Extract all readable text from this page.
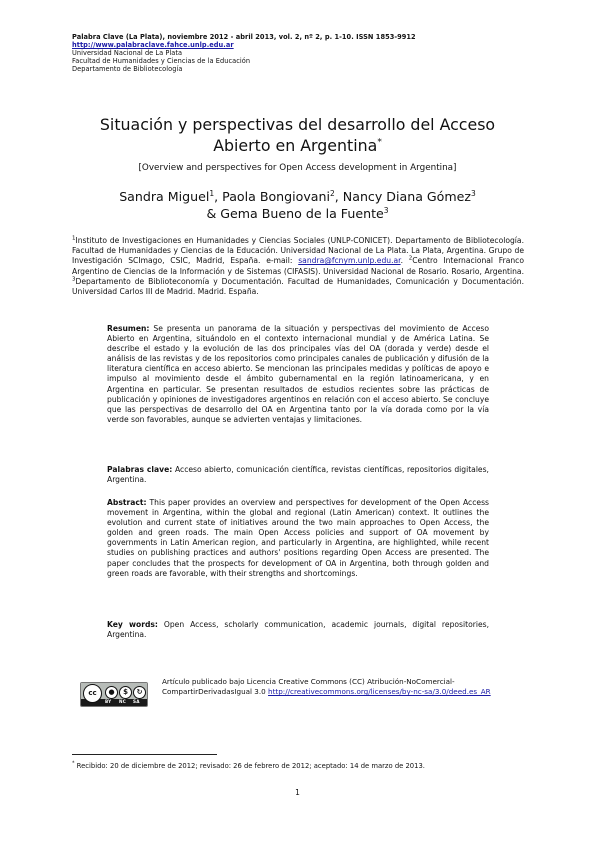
Palabra Clave (La Plata), noviembre 2012 - abril 2013, vol. 2, nº 2, p. 1-10. ISSN 1853-9912
http://www.palabraclave.fahce.unlp.edu.ar
Universidad Nacional de La Plata
Facultad de Humanidades y Ciencias de la Educación
Departamento de Bibliotecología
Situación y perspectivas del desarrollo del Acceso
Abierto en Argentina*
[Overview and perspectives for Open Access development in Argentina]
Sandra Miguel$^1$, Paola Bongiovani$^2$, Nancy Diana Gómez$^3$
& Gema Bueno de la Fuente$^3$
$^1$Instituto de Investigaciones en Humanidades y Ciencias Sociales (UNLP-CONICET). Departamento de Bibliotecología. Facultad de Humanidades y Ciencias de la Educación. Universidad Nacional de La Plata. La Plata, Argentina. Grupo de Investigación SCImago, CSIC, Madrid, España. e-mail: sandra@fcnym.unlp.edu.ar. $^2$Centro Internacional Franco Argentino de Ciencias de la Información y de Sistemas (CIFASIS). Universidad Nacional de Rosario. Rosario, Argentina. $^3$Departamento de Biblioteconomía y Documentación. Facultad de Humanidades, Comunicación y Documentación. Universidad Carlos III de Madrid. Madrid. España.
Resumen: Se presenta un panorama de la situación y perspectivas del movimiento de Acceso Abierto en Argentina, situándolo en el contexto internacional mundial y de América Latina. Se describe el estado y la evolución de las dos principales vías del OA (dorada y verde) desde el análisis de las revistas y de los repositorios como principales canales de publicación y difusión de la literatura científica en acceso abierto. Se mencionan las principales medidas y políticas de apoyo e impulso al movimiento desde el ámbito gubernamental en la región latinoamericana, y en Argentina en particular. Se presentan resultados de estudios recientes sobre las prácticas de publicación y opiniones de investigadores argentinos en relación con el acceso abierto. Se concluye que las perspectivas de desarrollo del OA en Argentina tanto por la vía dorada como por la vía verde son favorables, aunque se advierten ventajas y limitaciones.
Palabras clave: Acceso abierto, comunicación científica, revistas científicas, repositorios digitales, Argentina.
Abstract: This paper provides an overview and perspectives for development of the Open Access movement in Argentina, within the global and regional (Latin American) context. It outlines the evolution and current state of initiatives around the two main approaches to Open Access, the golden and green roads. The main Open Access policies and support of OA movement by governments in Latin American region, and particularly in Argentina, are highlighted, while recent studies on publishing practices and authors' positions regarding Open Access are presented. The paper concludes that the prospects for development of OA in Argentina, both through golden and green roads are favorable, with their strengths and shortcomings.
Key words: Open Access, scholarly communication, academic journals, digital repositories, Argentina.
cc	●	$	↻
BY NC SA
Artículo publicado bajo Licencia Creative Commons (CC) Atribución-NoComercial-CompartirDerivadasIgual 3.0 http://creativecommons.org/licenses/by-nc-sa/3.0/deed.es_AR
* Recibido: 20 de diciembre de 2012; revisado: 26 de febrero de 2012; aceptado: 14 de marzo de 2013.
1
